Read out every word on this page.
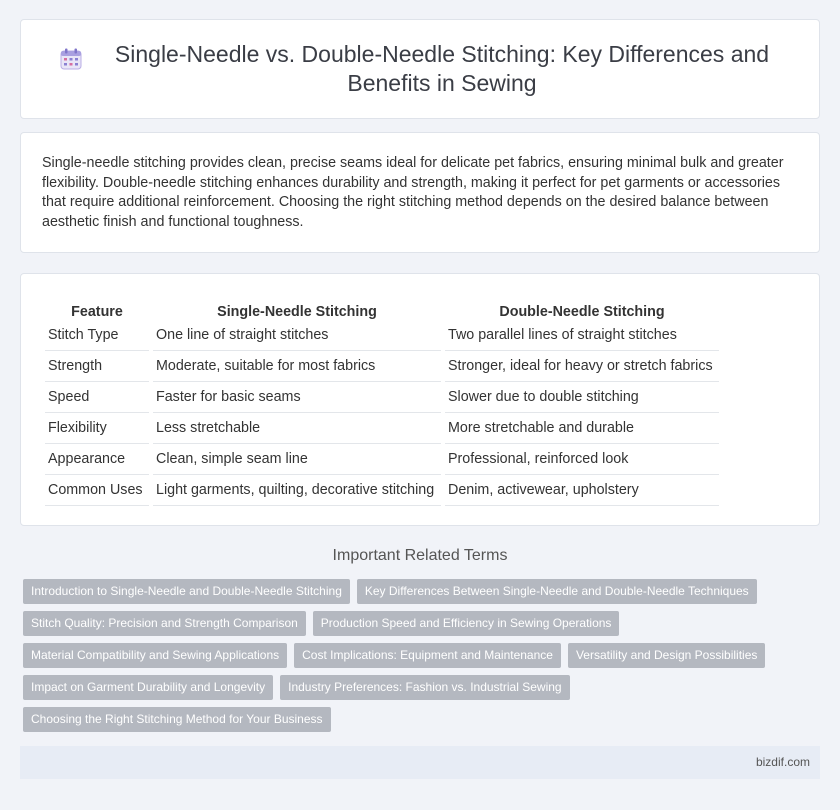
Single-Needle vs. Double-Needle Stitching: Key Differences and Benefits in Sewing

Single-needle stitching provides clean, precise seams ideal for delicate pet fabrics, ensuring minimal bulk and greater flexibility. Double-needle stitching enhances durability and strength, making it perfect for pet garments or accessories that require additional reinforcement. Choosing the right stitching method depends on the desired balance between aesthetic finish and functional toughness.

Feature	Single-Needle Stitching	Double-Needle Stitching
Stitch Type	One line of straight stitches	Two parallel lines of straight stitches
Strength	Moderate, suitable for most fabrics	Stronger, ideal for heavy or stretch fabrics
Speed	Faster for basic seams	Slower due to double stitching
Flexibility	Less stretchable	More stretchable and durable
Appearance	Clean, simple seam line	Professional, reinforced look
Common Uses	Light garments, quilting, decorative stitching	Denim, activewear, upholstery
Important Related Terms
Introduction to Single-Needle and Double-Needle Stitching	Key Differences Between Single-Needle and Double-Needle Techniques
Stitch Quality: Precision and Strength Comparison	Production Speed and Efficiency in Sewing Operations
Material Compatibility and Sewing Applications	Cost Implications: Equipment and Maintenance	Versatility and Design Possibilities
Impact on Garment Durability and Longevity	Industry Preferences: Fashion vs. Industrial Sewing
Choosing the Right Stitching Method for Your Business
bizdif.com
